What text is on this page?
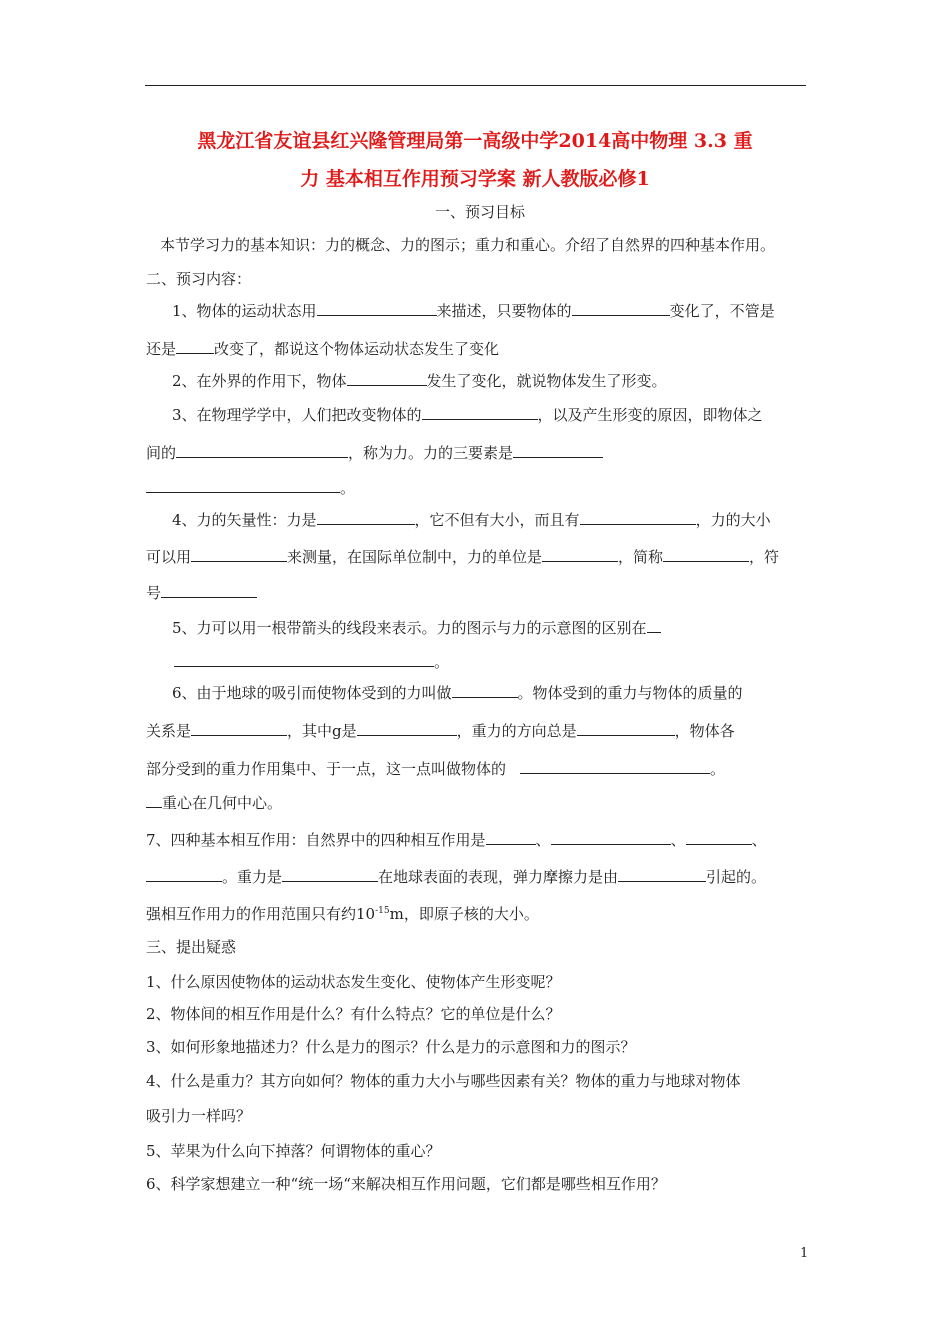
黑龙江省友谊县红兴隆管理局第一高级中学2014高中物理 3.3 重
力 基本相互作用预习学案 新人教版必修1
一、预习目标
本节学习力的基本知识：力的概念、力的图示；重力和重心。介绍了自然界的四种基本作用。
二、预习内容：
1、物体的运动状态用	来描述，只要物体的	变化了，不管是
还是	改变了，都说这个物体运动状态发生了变化
2、在外界的作用下，物体	发生了变化，就说物体发生了形变。
3、在物理学学中，人们把改变物体的	，以及产生形变的原因，即物体之
间的	，称为力。力的三要素是
。
4、力的矢量性：力是	，它不但有大小，而且有	，力的大小
可以用	来测量，在国际单位制中，力的单位是	，简称	，符
号
5、力可以用一根带箭头的线段来表示。力的图示与力的示意图的区别在
。
6、由于地球的吸引而使物体受到的力叫做	。物体受到的重力与物体的质量的
关系是	，其中g是	，重力的方向总是	，物体各
部分受到的重力作用集中、于一点，这一点叫做物体的	。
重心在几何中心。
7、四种基本相互作用：自然界中的四种相互作用是	、	、	、
。重力是	在地球表面的表现，弹力摩擦力是由	引起的。
强相互作用力的作用范围只有约$10^{-15}m$，即原子核的大小。
三、提出疑惑
1、什么原因使物体的运动状态发生变化、使物体产生形变呢？
2、物体间的相互作用是什么？有什么特点？它的单位是什么？
3、如何形象地描述力？什么是力的图示？什么是力的示意图和力的图示？
4、什么是重力？其方向如何？物体的重力大小与哪些因素有关？物体的重力与地球对物体
吸引力一样吗？
5、苹果为什么向下掉落？何谓物体的重心？
6、科学家想建立一种“统一场“来解决相互作用问题，它们都是哪些相互作用？
1
